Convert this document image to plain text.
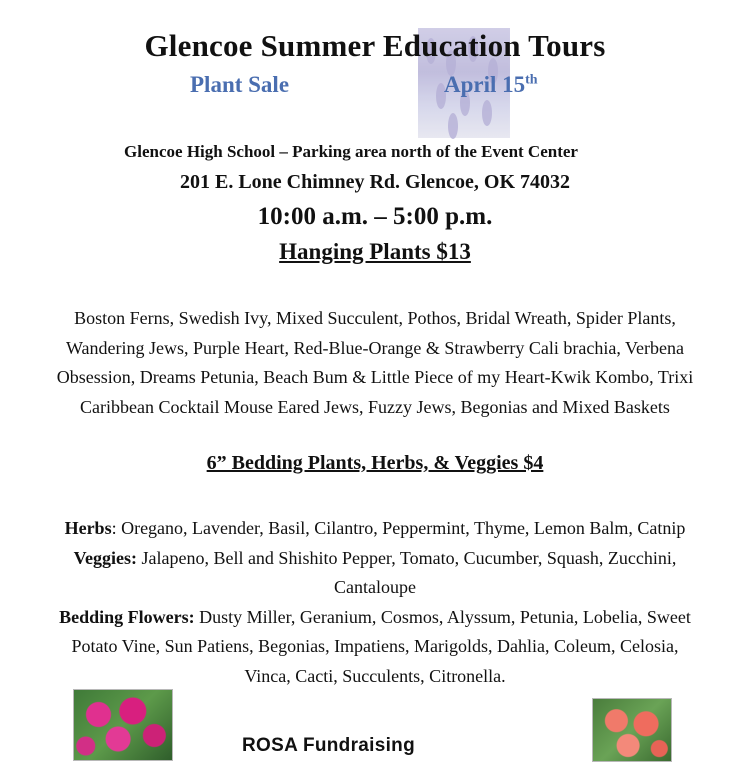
Glencoe Summer Education Tours
Plant Sale	April 15th
Glencoe High School – Parking area north of the Event Center
201 E. Lone Chimney Rd. Glencoe, OK 74032
10:00 a.m. – 5:00 p.m.
Hanging Plants $13
Boston Ferns, Swedish Ivy, Mixed Succulent, Pothos, Bridal Wreath, Spider Plants,
Wandering Jews, Purple Heart, Red-Blue-Orange & Strawberry Cali brachia, Verbena
Obsession, Dreams Petunia, Beach Bum & Little Piece of my Heart-Kwik Kombo, Trixi
Caribbean Cocktail Mouse Eared Jews, Fuzzy Jews, Begonias and Mixed Baskets
6” Bedding Plants, Herbs, & Veggies $4
Herbs: Oregano, Lavender, Basil, Cilantro, Peppermint, Thyme, Lemon Balm, Catnip
Veggies: Jalapeno, Bell and Shishito Pepper, Tomato, Cucumber, Squash, Zucchini,
Cantaloupe
Bedding Flowers: Dusty Miller, Geranium, Cosmos, Alyssum, Petunia, Lobelia, Sweet
Potato Vine, Sun Patiens, Begonias, Impatiens, Marigolds, Dahlia, Coleum, Celosia,
Vinca, Cacti, Succulents, Citronella.
ROSA Fundraising
